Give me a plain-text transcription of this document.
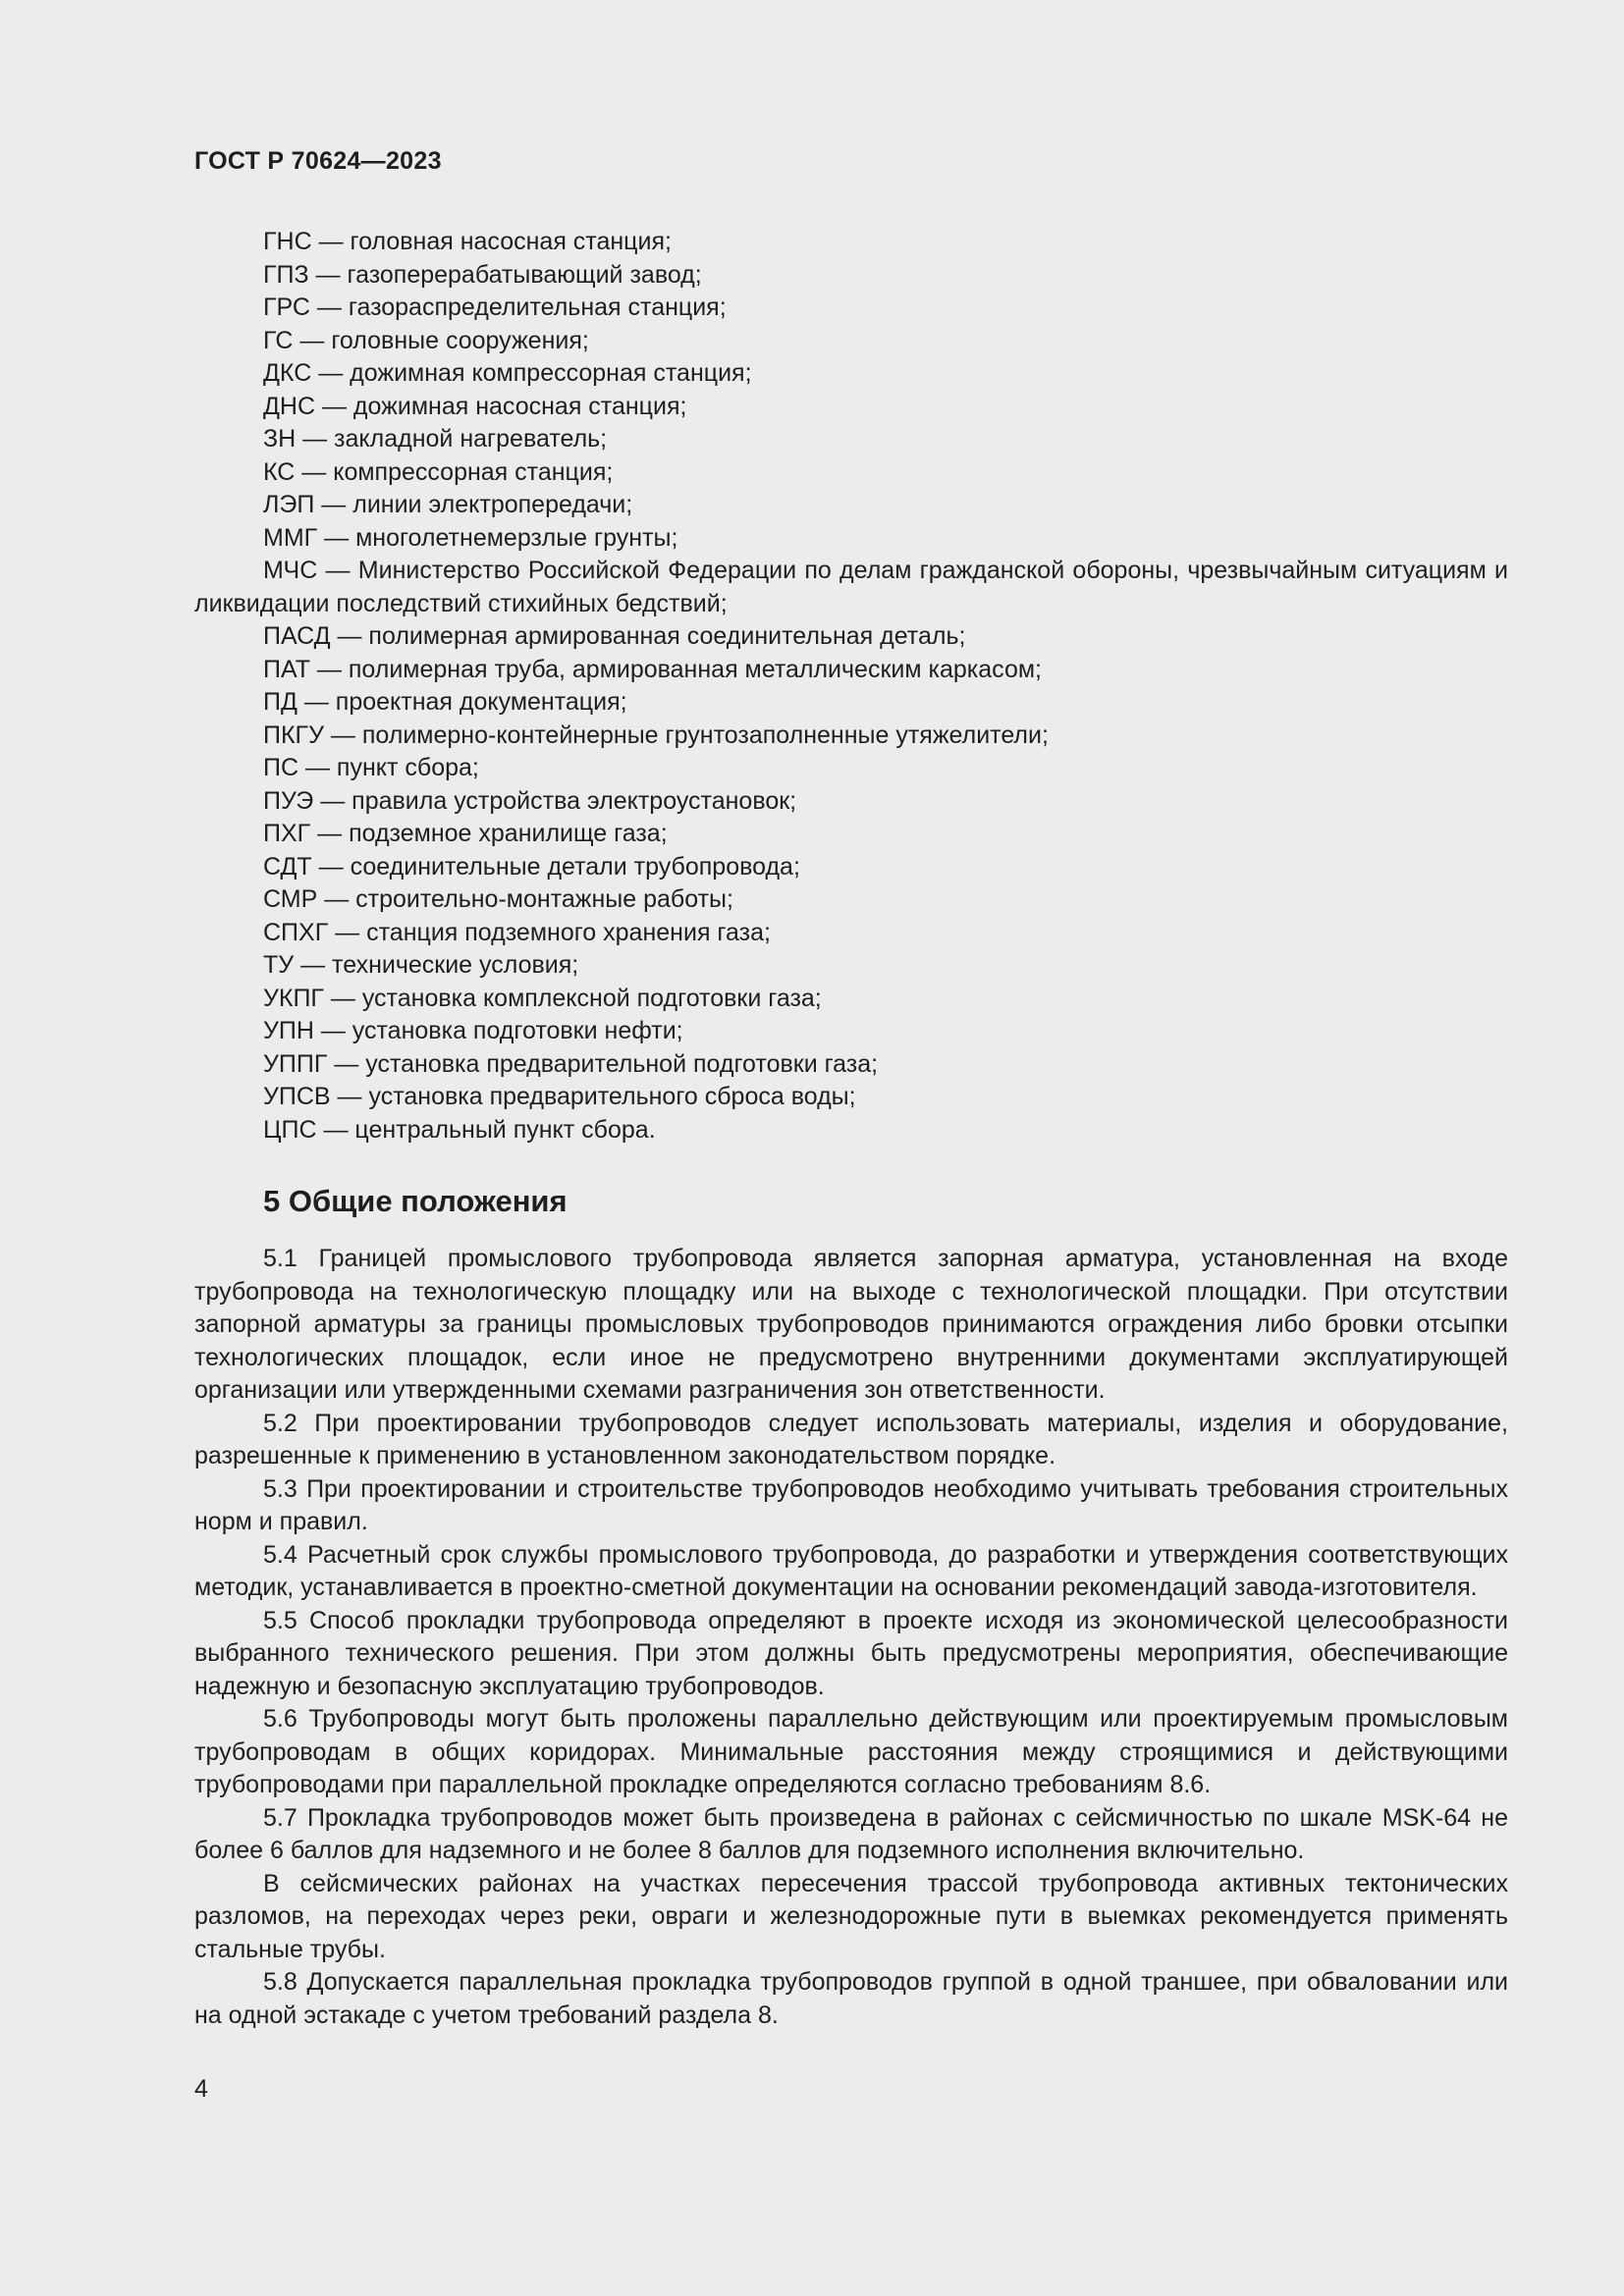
ГОСТ Р 70624—2023

ГНС — головная насосная станция;

ГПЗ — газоперерабатывающий завод;

ГРС — газораспределительная станция;

ГС — головные сооружения;

ДКС — дожимная компрессорная станция;

ДНС — дожимная насосная станция;

ЗН — закладной нагреватель;

КС — компрессорная станция;

ЛЭП — линии электропередачи;

ММГ — многолетнемерзлые грунты;

МЧС — Министерство Российской Федерации по делам гражданской обороны, чрезвычайным ситуациям и ликвидации последствий стихийных бедствий;

ПАСД — полимерная армированная соединительная деталь;

ПАТ — полимерная труба, армированная металлическим каркасом;

ПД — проектная документация;

ПКГУ — полимерно-контейнерные грунтозаполненные утяжелители;

ПС — пункт сбора;

ПУЭ — правила устройства электроустановок;

ПХГ — подземное хранилище газа;

СДТ — соединительные детали трубопровода;

СМР — строительно-монтажные работы;

СПХГ — станция подземного хранения газа;

ТУ — технические условия;

УКПГ — установка комплексной подготовки газа;

УПН — установка подготовки нефти;

УППГ — установка предварительной подготовки газа;

УПСВ — установка предварительного сброса воды;

ЦПС — центральный пункт сбора.

5 Общие положения

5.1 Границей промыслового трубопровода является запорная арматура, установленная на входе трубопровода на технологическую площадку или на выходе с технологической площадки. При отсутствии запорной арматуры за границы промысловых трубопроводов принимаются ограждения либо бровки отсыпки технологических площадок, если иное не предусмотрено внутренними документами эксплуатирующей организации или утвержденными схемами разграничения зон ответственности.

5.2 При проектировании трубопроводов следует использовать материалы, изделия и оборудование, разрешенные к применению в установленном законодательством порядке.

5.3 При проектировании и строительстве трубопроводов необходимо учитывать требования строительных норм и правил.

5.4 Расчетный срок службы промыслового трубопровода, до разработки и утверждения соответствующих методик, устанавливается в проектно-сметной документации на основании рекомендаций завода-изготовителя.

5.5 Способ прокладки трубопровода определяют в проекте исходя из экономической целесообразности выбранного технического решения. При этом должны быть предусмотрены мероприятия, обеспечивающие надежную и безопасную эксплуатацию трубопроводов.

5.6 Трубопроводы могут быть проложены параллельно действующим или проектируемым промысловым трубопроводам в общих коридорах. Минимальные расстояния между строящимися и действующими трубопроводами при параллельной прокладке определяются согласно требованиям 8.6.

5.7 Прокладка трубопроводов может быть произведена в районах с сейсмичностью по шкале MSK-64 не более 6 баллов для надземного и не более 8 баллов для подземного исполнения включительно.

В сейсмических районах на участках пересечения трассой трубопровода активных тектонических разломов, на переходах через реки, овраги и железнодорожные пути в выемках рекомендуется применять стальные трубы.

5.8 Допускается параллельная прокладка трубопроводов группой в одной траншее, при обваловании или на одной эстакаде с учетом требований раздела 8.

4
